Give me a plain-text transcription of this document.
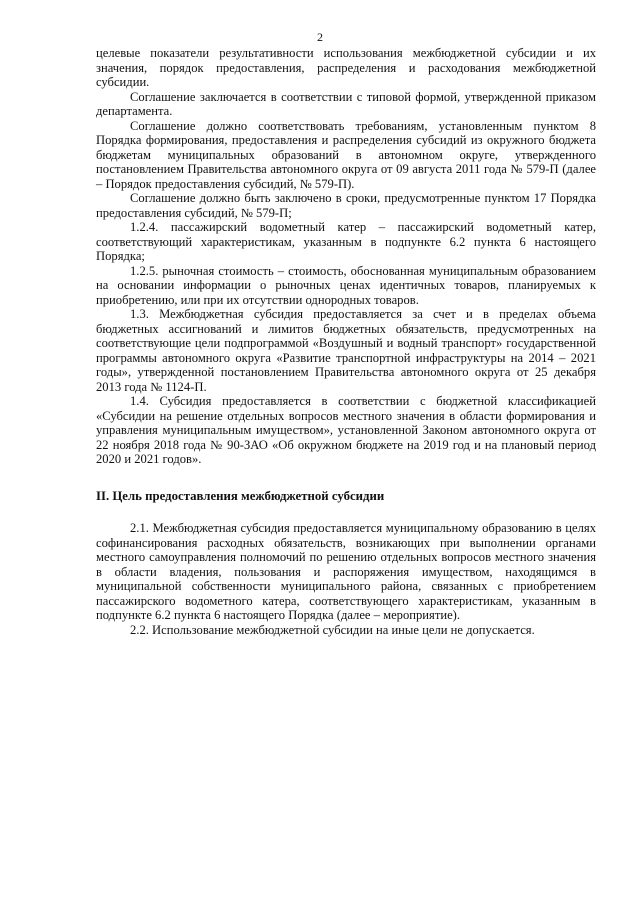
2

целевые показатели результативности использования межбюджетной субсидии и их значения, порядок предоставления, распределения и расходования межбюджетной субсидии.

Соглашение заключается в соответствии с типовой формой, утвержденной приказом департамента.

Соглашение должно соответствовать требованиям, установленным пунктом 8 Порядка формирования, предоставления и распределения субсидий из окружного бюджета бюджетам муниципальных образований в автономном округе, утвержденного постановлением Правительства автономного округа от 09 августа 2011 года № 579-П (далее – Порядок предоставления субсидий, № 579-П).

Соглашение должно быть заключено в сроки, предусмотренные пунктом 17 Порядка предоставления субсидий, № 579-П;

1.2.4. пассажирский водометный катер – пассажирский водометный катер, соответствующий характеристикам, указанным в подпункте 6.2 пункта 6 настоящего Порядка;

1.2.5. рыночная стоимость – стоимость, обоснованная муниципальным образованием на основании информации о рыночных ценах идентичных товаров, планируемых к приобретению, или при их отсутствии однородных товаров.

1.3. Межбюджетная субсидия предоставляется за счет и в пределах объема бюджетных ассигнований и лимитов бюджетных обязательств, предусмотренных на соответствующие цели подпрограммой «Воздушный и водный транспорт» государственной программы автономного округа «Развитие транспортной инфраструктуры на 2014 – 2021 годы», утвержденной постановлением Правительства автономного округа от 25 декабря 2013 года № 1124-П.

1.4. Субсидия предоставляется в соответствии с бюджетной классификацией «Субсидии на решение отдельных вопросов местного значения в области формирования и управления муниципальным имуществом», установленной Законом автономного округа от 22 ноября 2018 года № 90-ЗАО «Об окружном бюджете на 2019 год и на плановый период 2020 и 2021 годов».

II. Цель предоставления межбюджетной субсидии

2.1. Межбюджетная субсидия предоставляется муниципальному образованию в целях софинансирования расходных обязательств, возникающих при выполнении органами местного самоуправления полномочий по решению отдельных вопросов местного значения в области владения, пользования и распоряжения имуществом, находящимся в муниципальной собственности муниципального района, связанных с приобретением пассажирского водометного катера, соответствующего характеристикам, указанным в подпункте 6.2 пункта 6 настоящего Порядка (далее – мероприятие).

2.2. Использование межбюджетной субсидии на иные цели не допускается.
